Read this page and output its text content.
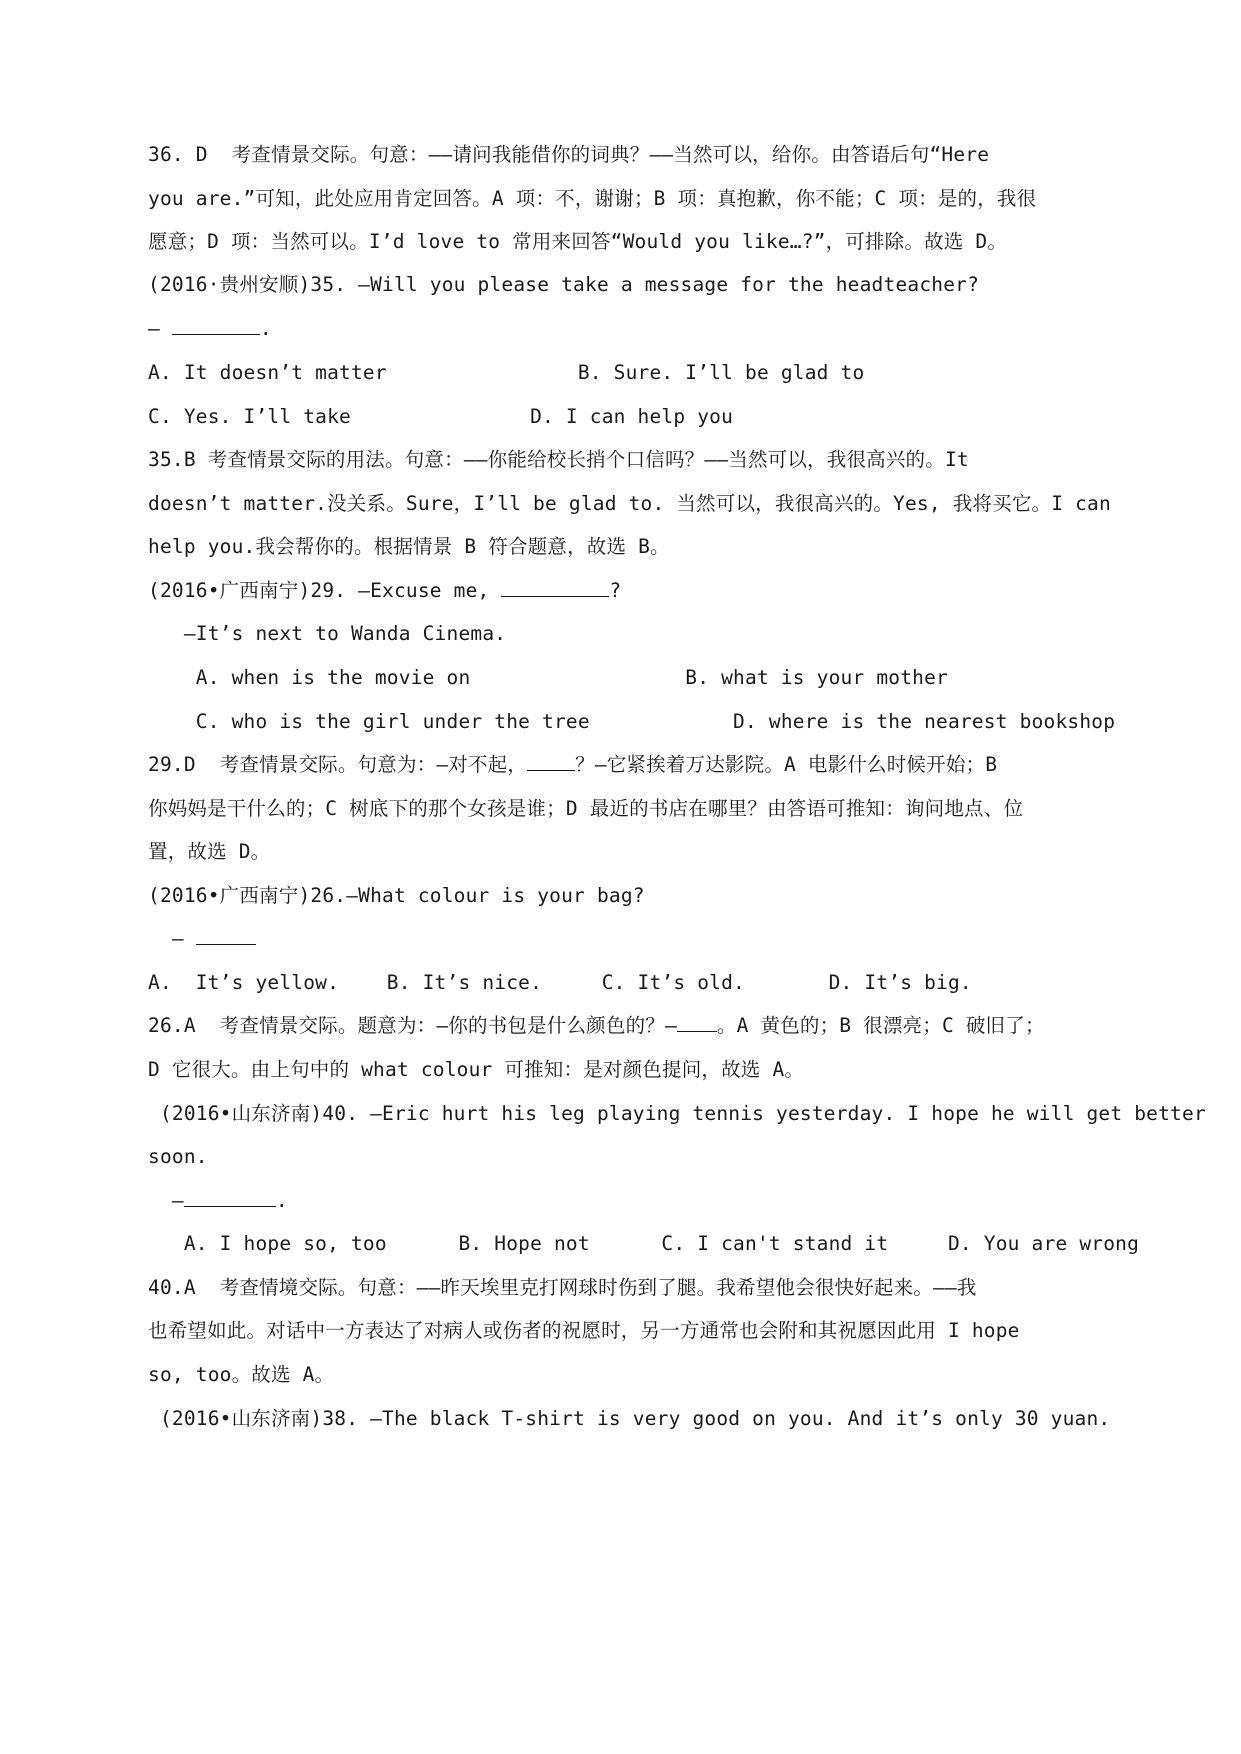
36. D  考查情景交际。句意：——请问我能借你的词典？——当然可以，给你。由答语后句“Here
you are.”可知，此处应用肯定回答。A 项：不，谢谢；B 项：真抱歉，你不能；C 项：是的，我很
愿意；D 项：当然可以。I’d love to 常用来回答“Would you like…?”，可排除。故选 D。
(2016·贵州安顺)35. —Will you please take a message for the headteacher?
—	.
A. It doesn’t matter                B. Sure. I’ll be glad to
C. Yes. I’ll take               D. I can help you
35.B 考查情景交际的用法。句意：——你能给校长捎个口信吗？——当然可以，我很高兴的。It
doesn’t matter.没关系。Sure，I’ll be glad to. 当然可以，我很高兴的。Yes, 我将买它。I can
help you.我会帮你的。根据情景 B 符合题意，故选 B。
(2016•广西南宁)29. —Excuse me,	?
—It’s next to Wanda Cinema.
A. when is the movie on                  B. what is your mother
C. who is the girl under the tree            D. where is the nearest bookshop
29.D  考查情景交际。句意为：—对不起， ？—它紧挨着万达影院。A 电影什么时候开始；B
你妈妈是干什么的；C 树底下的那个女孩是谁；D 最近的书店在哪里？由答语可推知：询问地点、位
置，故选 D。
(2016•广西南宁)26.—What colour is your bag?
—
A.  It’s yellow.    B. It’s nice.     C. It’s old.       D. It’s big.
26.A  考查情景交际。题意为：—你的书包是什么颜色的？— 。A 黄色的；B 很漂亮；C 破旧了；
D 它很大。由上句中的 what colour 可推知：是对颜色提问，故选 A。
(2016•山东济南)40. —Eric hurt his leg playing tennis yesterday. I hope he will get better
soon.
—	.
A. I hope so, too      B. Hope not      C. I can't stand it     D. You are wrong
40.A  考查情境交际。句意：——昨天埃里克打网球时伤到了腿。我希望他会很快好起来。——我
也希望如此。对话中一方表达了对病人或伤者的祝愿时，另一方通常也会附和其祝愿因此用 I hope
so, too。故选 A。
(2016•山东济南)38. —The black T-shirt is very good on you. And it’s only 30 yuan.
